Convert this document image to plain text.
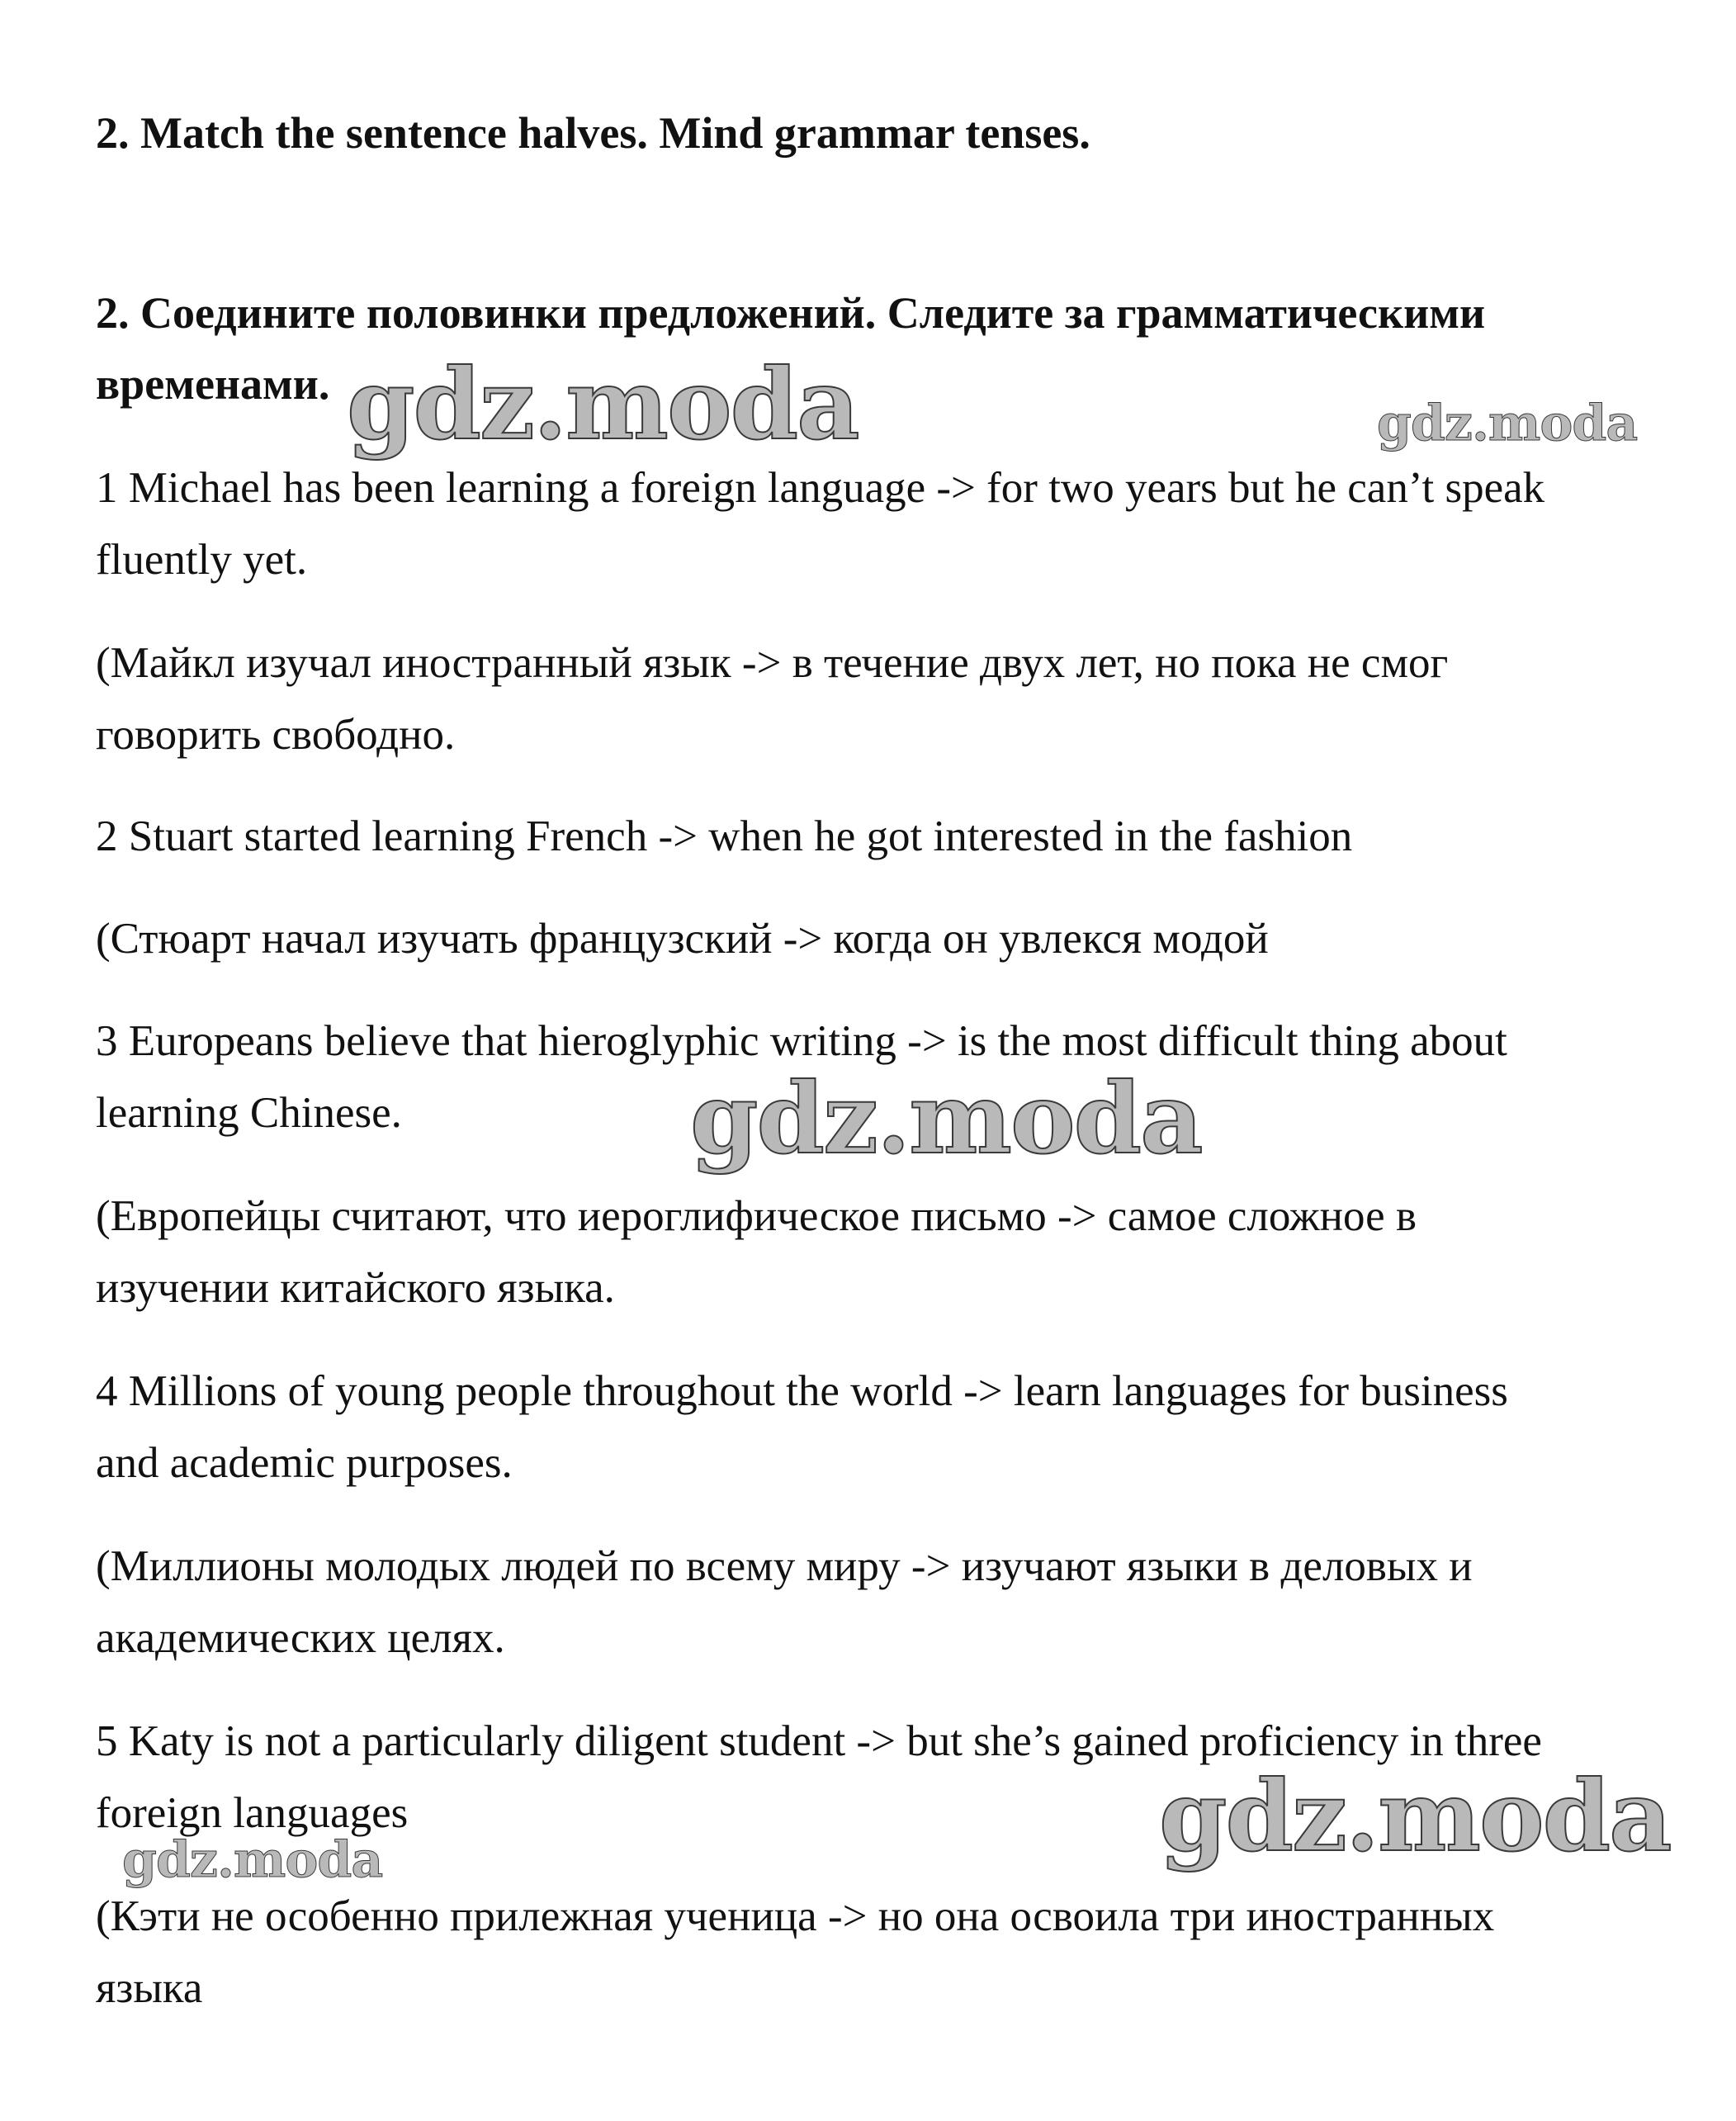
2. Match the sentence halves. Mind grammar tenses.

2. Соедините половинки предложений. Следите за грамматическими
временами.

1 Michael has been learning a foreign language -> for two years but he can’t speak
fluently yet.

(Майкл изучал иностранный язык -> в течение двух лет, но пока не смог
говорить свободно.

2 Stuart started learning French -> when he got interested in the fashion

(Стюарт начал изучать французский -> когда он увлекся модой

3 Europeans believe that hieroglyphic writing -> is the most difficult thing about
learning Chinese.

(Европейцы считают, что иероглифическое письмо -> самое сложное в
изучении китайского языка.

4 Millions of young people throughout the world -> learn languages for business
and academic purposes.

(Миллионы молодых людей по всему миру -> изучают языки в деловых и
академических целях.

5 Katy is not a particularly diligent student -> but she’s gained proficiency in three
foreign languages

(Кэти не особенно прилежная ученица -> но она освоила три иностранных
языка

gdz.moda	gdz.moda
gdz.moda
gdz.moda
gdz.moda
